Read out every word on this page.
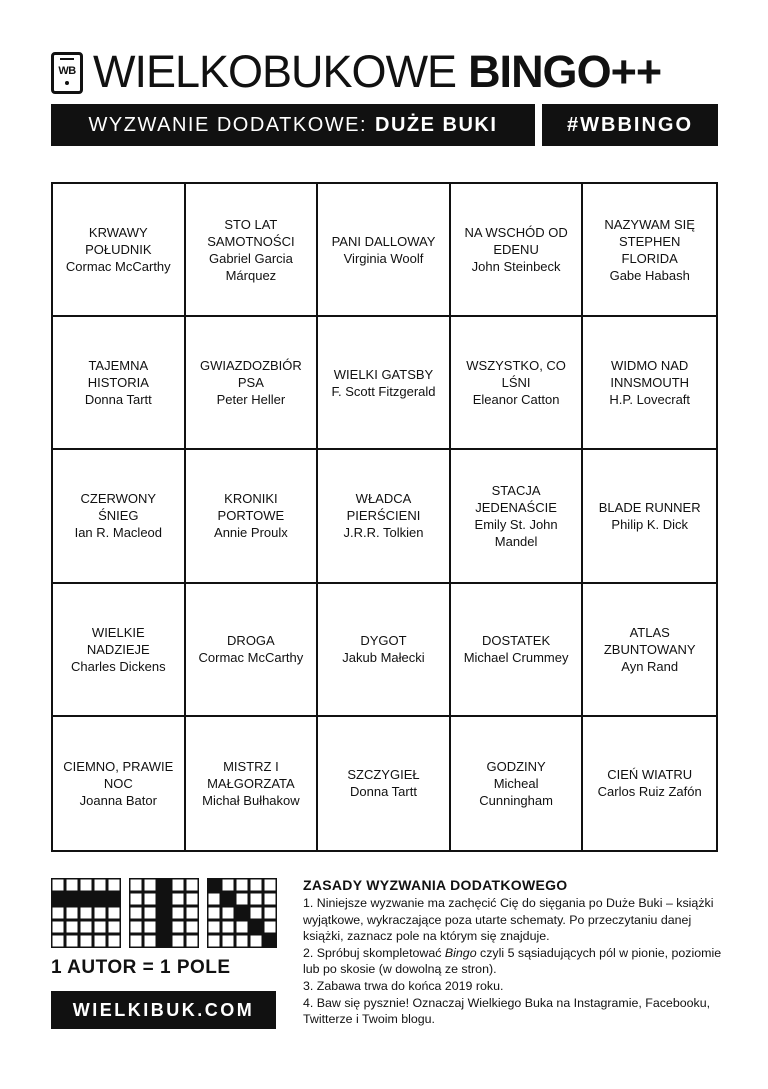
WB WIELKOBUKOWE BINGO++
WYZWANIE DODATKOWE: DUŻE BUKI	#WBBINGO
KRWAWY POŁUDNIK
Cormac McCarthy
STO LAT SAMOTNOŚCI
Gabriel Garcia Márquez
PANI DALLOWAY
Virginia Woolf
NA WSCHÓD OD EDENU
John Steinbeck
NAZYWAM SIĘ STEPHEN FLORIDA
Gabe Habash
TAJEMNA HISTORIA
Donna Tartt
GWIAZDOZBIÓR PSA
Peter Heller
WIELKI GATSBY
F. Scott Fitzgerald
WSZYSTKO, CO LŚNI
Eleanor Catton
WIDMO NAD INNSMOUTH
H.P. Lovecraft
CZERWONY ŚNIEG
Ian R. Macleod
KRONIKI PORTOWE
Annie Proulx
WŁADCA PIERŚCIENI
J.R.R. Tolkien
STACJA JEDENAŚCIE
Emily St. John Mandel
BLADE RUNNER
Philip K. Dick
WIELKIE NADZIEJE
Charles Dickens
DROGA
Cormac McCarthy
DYGOT
Jakub Małecki
DOSTATEK
Michael Crummey
ATLAS ZBUNTOWANY
Ayn Rand
CIEMNO, PRAWIE NOC
Joanna Bator
MISTRZ I MAŁGORZATA
Michał Bułhakow
SZCZYGIEŁ
Donna Tartt
GODZINY
Micheal Cunningham
CIEŃ WIATRU
Carlos Ruiz Zafón
1 AUTOR = 1 POLE
WIELKIBUK.COM
ZASADY WYZWANIA DODATKOWEGO
1. Niniejsze wyzwanie ma zachęcić Cię do sięgania po Duże Buki – książki wyjątkowe, wykraczające poza utarte schematy. Po przeczytaniu danej książki, zaznacz pole na którym się znajduje.
2. Spróbuj skompletować Bingo czyli 5 sąsiadujących pól w pionie, poziomie lub po skosie (w dowolną ze stron).
3. Zabawa trwa do końca 2019 roku.
4. Baw się pysznie! Oznaczaj Wielkiego Buka na Instagramie, Facebooku, Twitterze i Twoim blogu.
